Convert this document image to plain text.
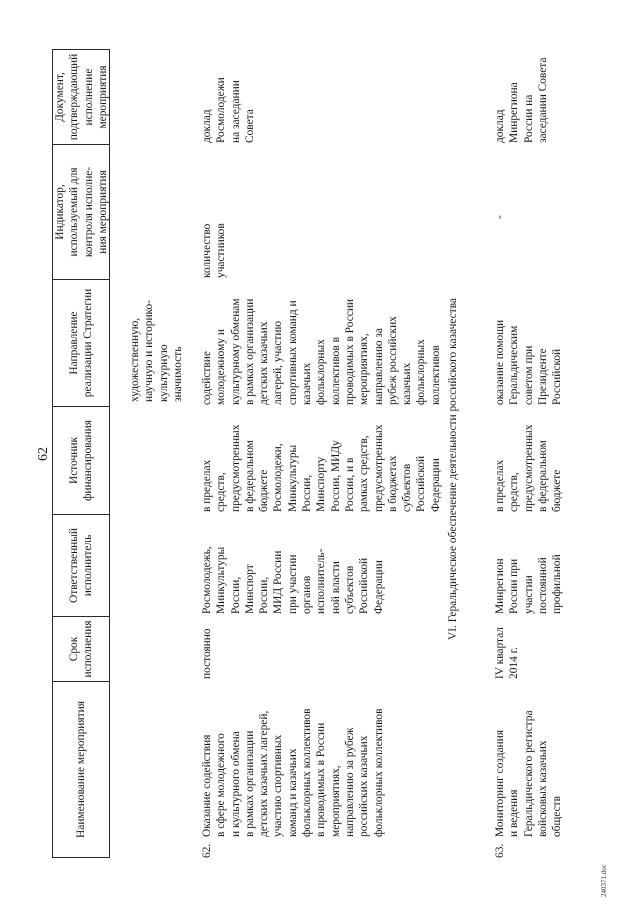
62
Наименование мероприятия
Срок
исполнения
Ответственный
исполнитель
Источник
финансирования
Направление
реализации Стратегии
Индикатор,
используемый для
контроля исполне-
ния мероприятия
Документ,
подтверждающий
исполнение
мероприятия
художественную,
научную и историко-
культурную
значимость
62.
Оказание содействия
в сфере молодежного
и культурного обмена
в рамках организации
детских казачьих лагерей,
участию спортивных
команд и казачьих
фольклорных коллективов
в проводимых в России
мероприятиях,
направлению за рубеж
российских казачьих
фольклорных коллективов
постоянно
Росмолодежь,
Минкультуры
России,
Минспорт
России,
МИД России
при участии
органов
исполнитель-
ной власти
субъектов
Российской
Федерации
в пределах
средств,
предусмотренных
в федеральном
бюджете
Росмолодежи,
Минкультуры
России,
Минспорту
России, МИДу
России, и в
рамках средств,
предусмотренных
в бюджетах
субъектов
Российской
Федерации
содействие
молодежному и
культурному обменам
в рамках организации
детских казачьих
лагерей, участию
спортивных команд и
казачьих
фольклорных
коллективов в
проводимых в России
мероприятиях,
направлению за
рубеж российских
казачьих
фольклорных
коллективов
количество
участников
доклад
Росмолодежи
на заседании
Совета
VI. Геральдическое обеспечение деятельности российского казачества
63.
Мониторинг создания
и ведения
Геральдического регистра
войсковых казачьих
обществ
IV квартал
2014 г.
Минрегион
России при
участии
постоянной
профильной
в пределах
средств,
предусмотренных
в федеральном
бюджете
оказание помощи
Геральдическим
советом при
Президенте
Российской
-
доклад
Минрегиона
России на
заседании Совета
240371.doc
